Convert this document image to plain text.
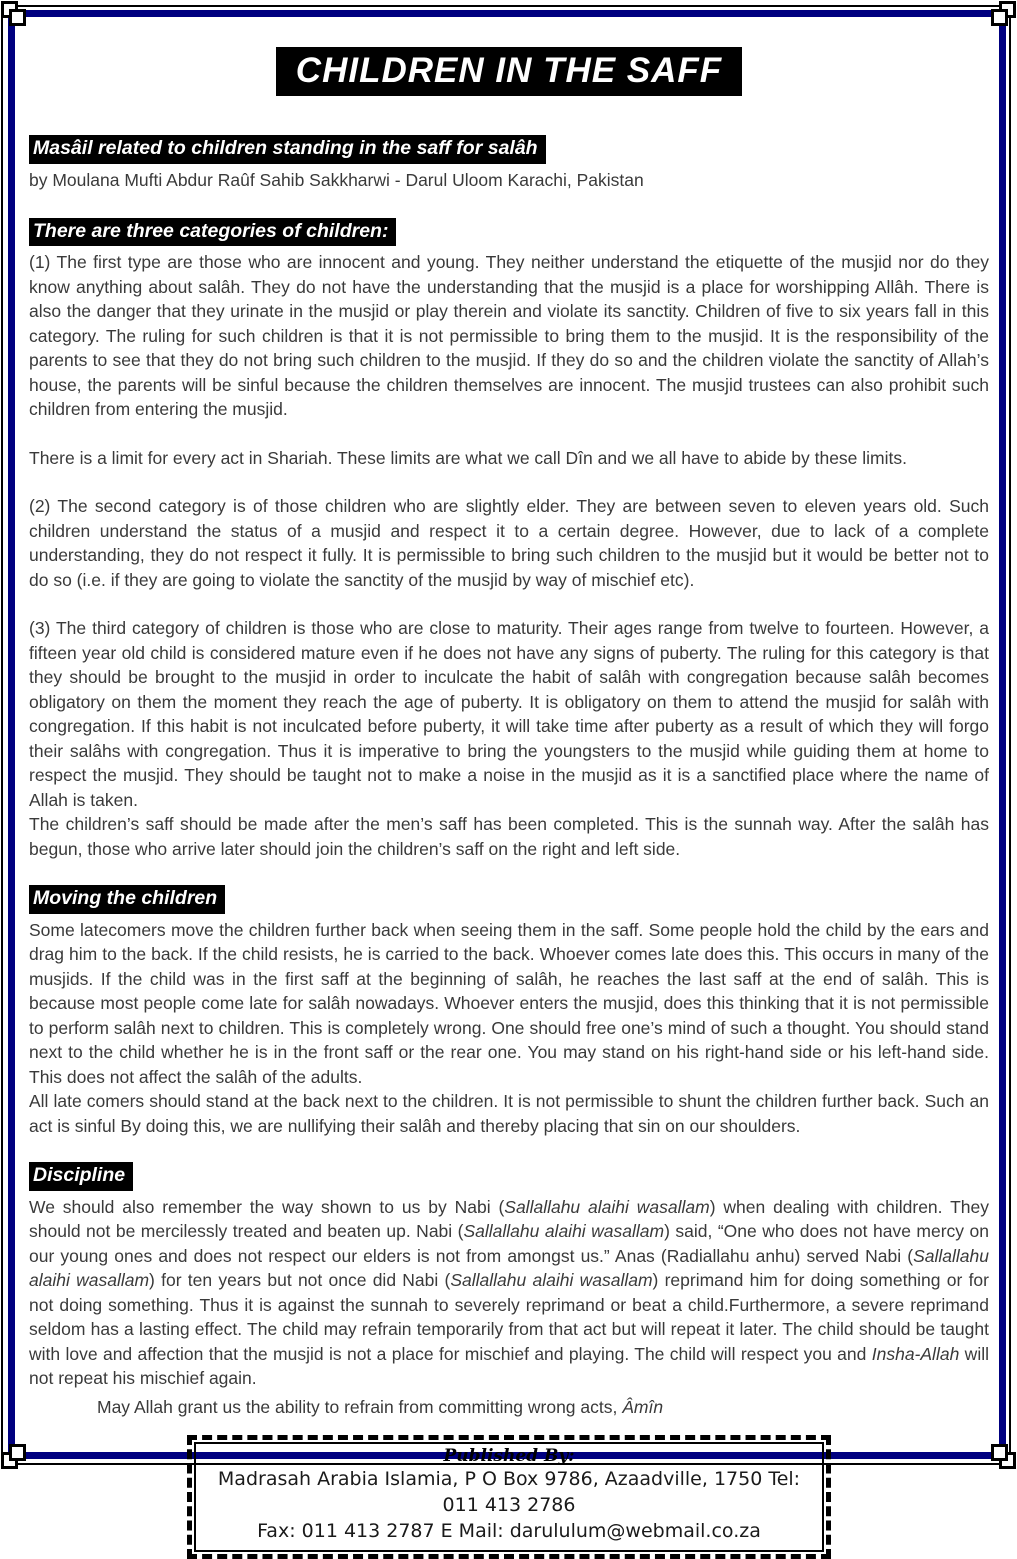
CHILDREN IN THE SAFF
Masâil related to children standing in the saff for salâh

by Moulana Mufti Abdur Raûf Sahib Sakkharwi - Darul Uloom Karachi, Pakistan

There are three categories of children:

(1) The first type are those who are innocent and young. They neither understand the etiquette of the musjid nor do they know anything about salâh. They do not have the understanding that the musjid is a place for worshipping Allâh. There is also the danger that they urinate in the musjid or play therein and violate its sanctity. Children of five to six years fall in this category. The ruling for such children is that it is not permissible to bring them to the musjid. It is the responsibility of the parents to see that they do not bring such children to the musjid. If they do so and the children violate the sanctity of Allah’s house, the parents will be sinful because the children themselves are innocent. The musjid trustees can also prohibit such children from entering the musjid.

There is a limit for every act in Shariah. These limits are what we call Dîn and we all have to abide by these limits.

(2) The second category is of those children who are slightly elder. They are between seven to eleven years old. Such children understand the status of a musjid and respect it to a certain degree. However, due to lack of a complete understanding, they do not respect it fully. It is permissible to bring such children to the musjid but it would be better not to do so (i.e. if they are going to violate the sanctity of the musjid by way of mischief etc).

(3) The third category of children is those who are close to maturity. Their ages range from twelve to fourteen. However, a fifteen year old child is considered mature even if he does not have any signs of puberty. The ruling for this category is that they should be brought to the musjid in order to inculcate the habit of salâh with congregation because salâh becomes obligatory on them the moment they reach the age of puberty. It is obligatory on them to attend the musjid for salâh with congregation. If this habit is not inculcated before puberty, it will take time after puberty as a result of which they will forgo their salâhs with congregation. Thus it is imperative to bring the youngsters to the musjid while guiding them at home to respect the musjid. They should be taught not to make a noise in the musjid as it is a sanctified place where the name of Allah is taken.

The children’s saff should be made after the men’s saff has been completed. This is the sunnah way. After the salâh has begun, those who arrive later should join the children’s saff on the right and left side.

Moving the children

Some latecomers move the children further back when seeing them in the saff. Some people hold the child by the ears and drag him to the back. If the child resists, he is carried to the back. Whoever comes late does this. This occurs in many of the musjids. If the child was in the first saff at the beginning of salâh, he reaches the last saff at the end of salâh. This is because most people come late for salâh nowadays. Whoever enters the musjid, does this thinking that it is not permissible to perform salâh next to children. This is completely wrong. One should free one’s mind of such a thought. You should stand next to the child whether he is in the front saff or the rear one. You may stand on his right-hand side or his left-hand side. This does not affect the salâh of the adults.

All late comers should stand at the back next to the children. It is not permissible to shunt the children further back. Such an act is sinful By doing this, we are nullifying their salâh and thereby placing that sin on our shoulders.

Discipline

We should also remember the way shown to us by Nabi (Sallallahu alaihi wasallam) when dealing with children. They should not be mercilessly treated and beaten up. Nabi (Sallallahu alaihi wasallam) said, “One who does not have mercy on our young ones and does not respect our elders is not from amongst us.” Anas (Radiallahu anhu) served Nabi (Sallallahu alaihi wasallam) for ten years but not once did Nabi (Sallallahu alaihi wasallam) reprimand him for doing something or for not doing something. Thus it is against the sunnah to severely reprimand or beat a child.Furthermore, a severe reprimand seldom has a lasting effect. The child may refrain temporarily from that act but will repeat it later. The child should be taught with love and affection that the musjid is not a place for mischief and playing. The child will respect you and Insha-Allah will not repeat his mischief again.

May Allah grant us the ability to refrain from committing wrong acts, Âmîn

Published By:
Madrasah Arabia Islamia, P O Box 9786, Azaadville, 1750 Tel: 011 413 2786
Fax: 011 413 2787 E Mail: darululum@webmail.co.za
